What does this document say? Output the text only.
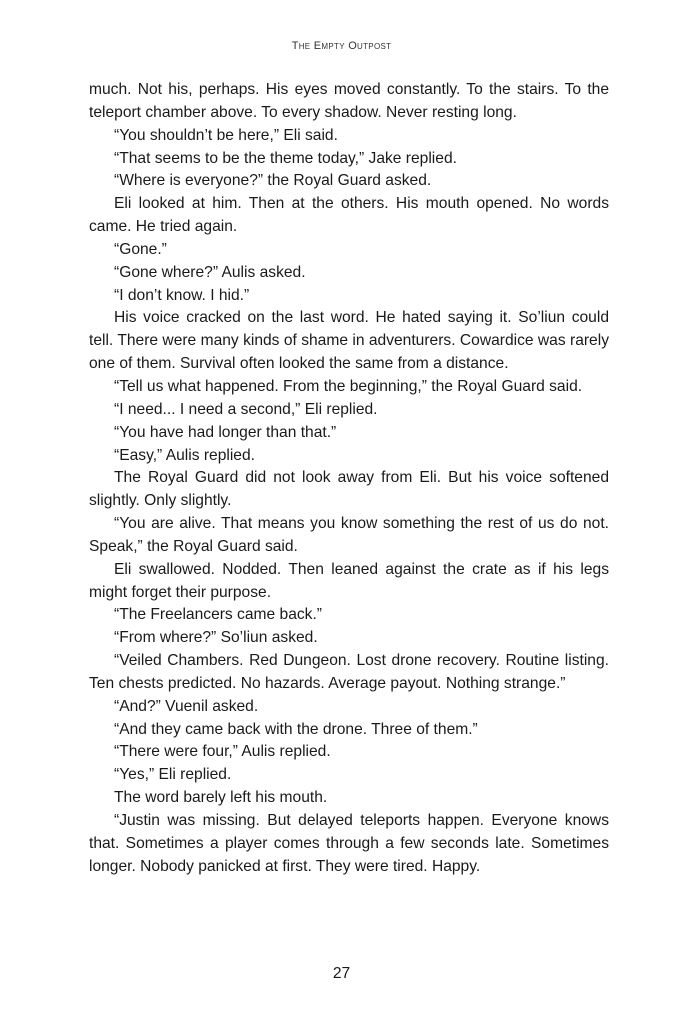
The Empty Outpost

much. Not his, perhaps. His eyes moved constantly. To the stairs. To the teleport chamber above. To every shadow. Never resting long.

“You shouldn’t be here,” Eli said.

“That seems to be the theme today,” Jake replied.

“Where is everyone?” the Royal Guard asked.

Eli looked at him. Then at the others. His mouth opened. No words came. He tried again.

“Gone.”

“Gone where?” Aulis asked.

“I don’t know. I hid.”

His voice cracked on the last word. He hated saying it. So’liun could tell. There were many kinds of shame in adventurers. Cowardice was rarely one of them. Survival often looked the same from a distance.

“Tell us what happened. From the beginning,” the Royal Guard said.

“I need... I need a second,” Eli replied.

“You have had longer than that.”

“Easy,” Aulis replied.

The Royal Guard did not look away from Eli. But his voice softened slightly. Only slightly.

“You are alive. That means you know something the rest of us do not. Speak,” the Royal Guard said.

Eli swallowed. Nodded. Then leaned against the crate as if his legs might forget their purpose.

“The Freelancers came back.”

“From where?” So’liun asked.

“Veiled Chambers. Red Dungeon. Lost drone recovery. Routine listing. Ten chests predicted. No hazards. Average payout. Nothing strange.”

“And?” Vuenil asked.

“And they came back with the drone. Three of them.”

“There were four,” Aulis replied.

“Yes,” Eli replied.

The word barely left his mouth.

“Justin was missing. But delayed teleports happen. Everyone knows that. Sometimes a player comes through a few seconds late. Sometimes longer. Nobody panicked at first. They were tired. Happy.

27
